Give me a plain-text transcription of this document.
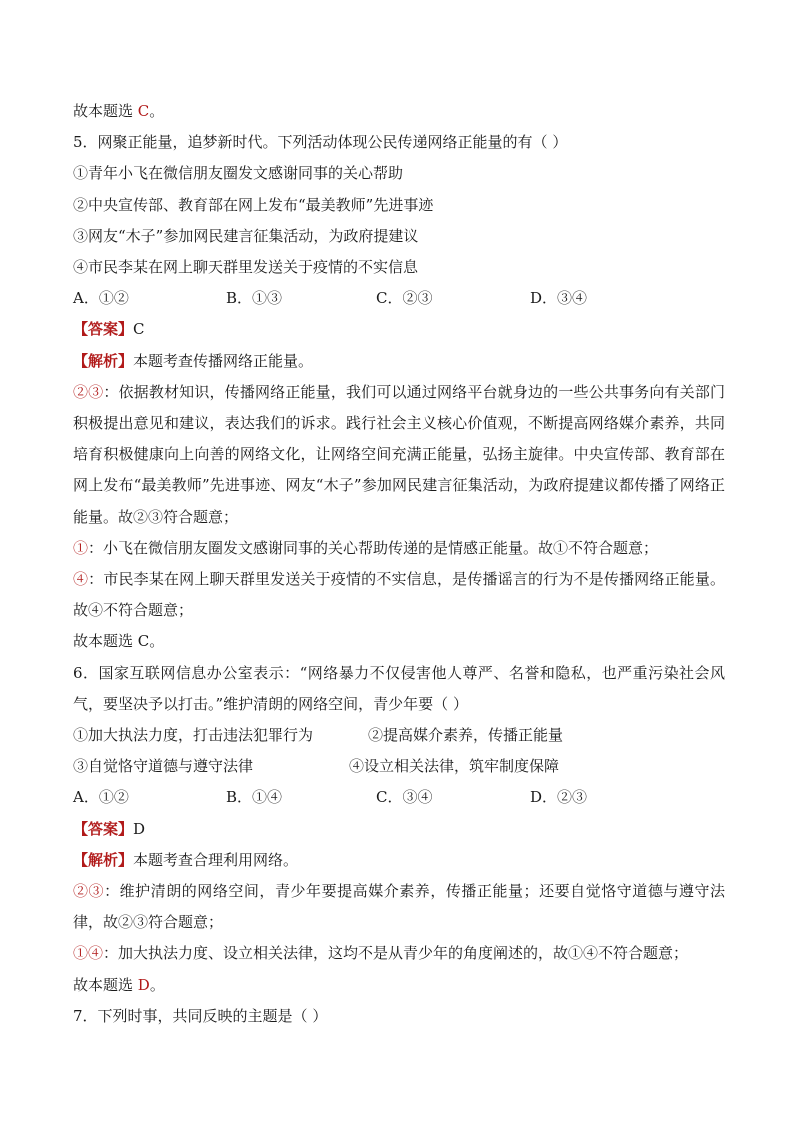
故本题选 C。
5．网聚正能量，追梦新时代。下列活动体现公民传递网络正能量的有（ ）
①青年小飞在微信朋友圈发文感谢同事的关心帮助
②中央宣传部、教育部在网上发布“最美教师”先进事迹
③网友“木子”参加网民建言征集活动，为政府提建议
④市民李某在网上聊天群里发送关于疫情的不实信息
A．①②	B．①③	C．②③	D．③④
【答案】C
【解析】本题考查传播网络正能量。
②③：依据教材知识，传播网络正能量，我们可以通过网络平台就身边的一些公共事务向有关部门积极提出意见和建议，表达我们的诉求。践行社会主义核心价值观，不断提高网络媒介素养，共同培育积极健康向上向善的网络文化，让网络空间充满正能量，弘扬主旋律。中央宣传部、教育部在网上发布“最美教师”先进事迹、网友“木子”参加网民建言征集活动，为政府提建议都传播了网络正能量。故②③符合题意；
①：小飞在微信朋友圈发文感谢同事的关心帮助传递的是情感正能量。故①不符合题意；
④：市民李某在网上聊天群里发送关于疫情的不实信息，是传播谣言的行为不是传播网络正能量。故④不符合题意；
故本题选 C。
6．国家互联网信息办公室表示：“网络暴力不仅侵害他人尊严、名誉和隐私，也严重污染社会风气，要坚决予以打击。”维护清朗的网络空间，青少年要（ ）
①加大执法力度，打击违法犯罪行为	②提高媒介素养，传播正能量
③自觉恪守道德与遵守法律	④设立相关法律，筑牢制度保障
A．①②	B．①④	C．③④	D．②③
【答案】D
【解析】本题考查合理利用网络。
②③：维护清朗的网络空间，青少年要提高媒介素养，传播正能量；还要自觉恪守道德与遵守法律，故②③符合题意；
①④：加大执法力度、设立相关法律，这均不是从青少年的角度阐述的，故①④不符合题意；
故本题选 D。
7．下列时事，共同反映的主题是（ ）
